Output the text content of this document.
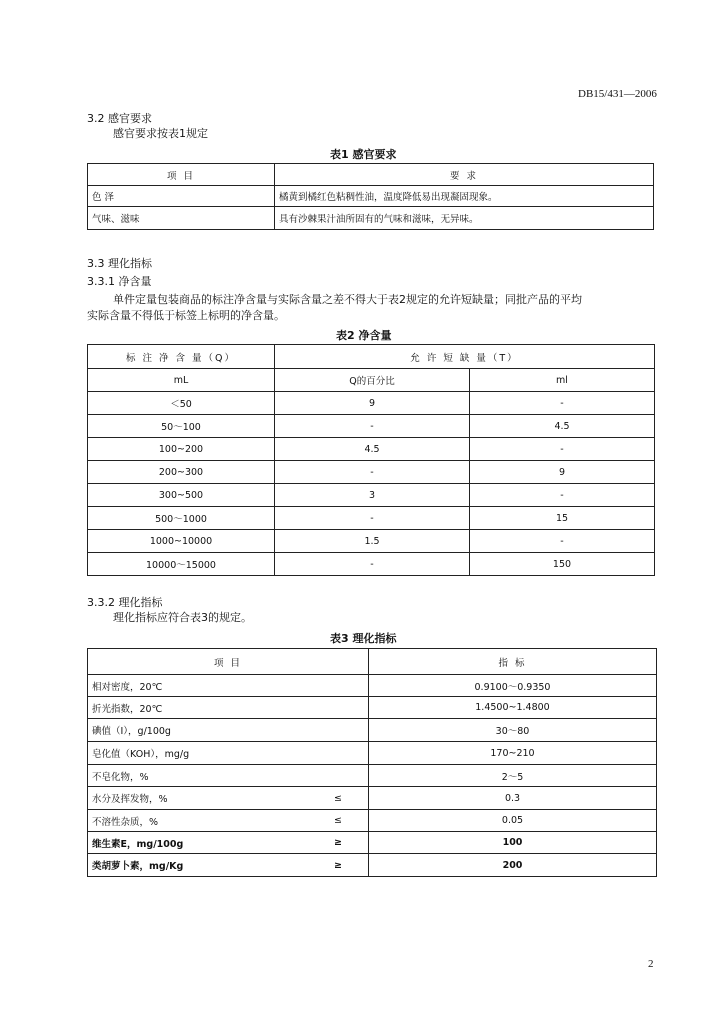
DB15/431—2006
3.2 感官要求
感官要求按表1规定
表1 感官要求
项 目	要 求
色 泽	橘黄到橘红色粘稠性油，温度降低易出现凝固现象。
气味、滋味	具有沙棘果汁油所固有的气味和滋味，无异味。
3.3 理化指标
3.3.1 净含量
单件定量包装商品的标注净含量与实际含量之差不得大于表2规定的允许短缺量；同批产品的平均
实际含量不得低于标签上标明的净含量。
表2 净含量
标 注 净 含 量（Q）	允 许 短 缺 量（T）	
mL	Q的百分比	ml
＜50	9	-
50～100	-	4.5
100~200	4.5	-
200~300	-	9
300~500	3	-
500～1000	-	15
1000~10000	1.5	-
10000～15000	-	150
3.3.2 理化指标
理化指标应符合表3的规定。
表3 理化指标
项 目	指 标
相对密度，20℃	0.9100～0.9350
折光指数，20℃	1.4500~1.4800
碘值（I），g/100g	30～80
皂化值（KOH），mg/g	170~210
不皂化物，%	2～5
水分及挥发物，% ≤	0.3
不溶性杂质，% ≤	0.05
维生素E，mg/100g ≥	100
类胡萝卜素，mg/Kg ≥	200
2
